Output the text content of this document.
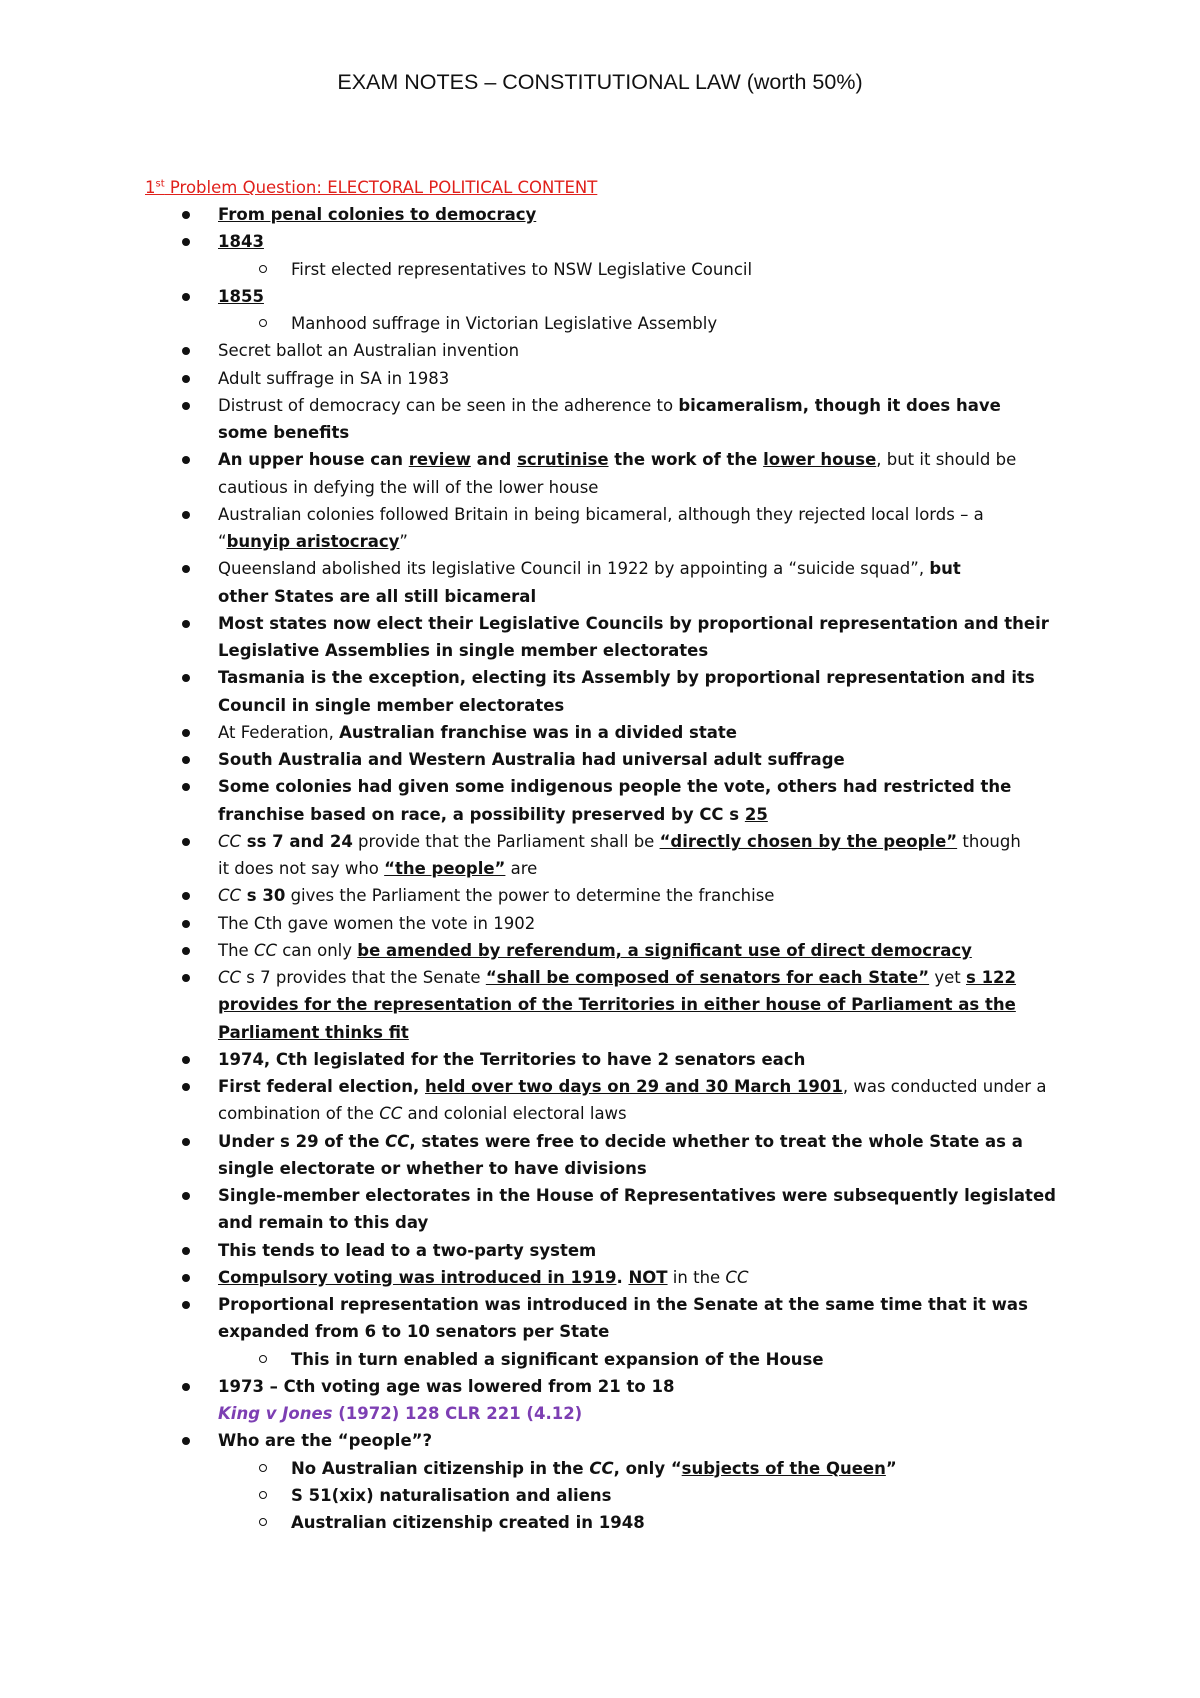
EXAM NOTES – CONSTITUTIONAL LAW (worth 50%)
1st Problem Question: ELECTORAL POLITICAL CONTENT
From penal colonies to democracy
1843
First elected representatives to NSW Legislative Council
1855
Manhood suffrage in Victorian Legislative Assembly
Secret ballot an Australian invention
Adult suffrage in SA in 1983
Distrust of democracy can be seen in the adherence to bicameralism, though it does have
some benefits
An upper house can review and scrutinise the work of the lower house, but it should be
cautious in defying the will of the lower house
Australian colonies followed Britain in being bicameral, although they rejected local lords – a
“bunyip aristocracy”
Queensland abolished its legislative Council in 1922 by appointing a “suicide squad”, but
other States are all still bicameral
Most states now elect their Legislative Councils by proportional representation and their
Legislative Assemblies in single member electorates
Tasmania is the exception, electing its Assembly by proportional representation and its
Council in single member electorates
At Federation, Australian franchise was in a divided state
South Australia and Western Australia had universal adult suffrage
Some colonies had given some indigenous people the vote, others had restricted the
franchise based on race, a possibility preserved by CC s 25
CC ss 7 and 24 provide that the Parliament shall be “directly chosen by the people” though
it does not say who “the people” are
CC s 30 gives the Parliament the power to determine the franchise
The Cth gave women the vote in 1902
The CC can only be amended by referendum, a significant use of direct democracy
CC s 7 provides that the Senate “shall be composed of senators for each State” yet s 122
provides for the representation of the Territories in either house of Parliament as the
Parliament thinks fit
1974, Cth legislated for the Territories to have 2 senators each
First federal election, held over two days on 29 and 30 March 1901, was conducted under a
combination of the CC and colonial electoral laws
Under s 29 of the CC, states were free to decide whether to treat the whole State as a
single electorate or whether to have divisions
Single-member electorates in the House of Representatives were subsequently legislated
and remain to this day
This tends to lead to a two-party system
Compulsory voting was introduced in 1919. NOT in the CC
Proportional representation was introduced in the Senate at the same time that it was
expanded from 6 to 10 senators per State
This in turn enabled a significant expansion of the House
1973 – Cth voting age was lowered from 21 to 18
King v Jones (1972) 128 CLR 221 (4.12)
Who are the “people”?
No Australian citizenship in the CC, only “subjects of the Queen”
S 51(xix) naturalisation and aliens
Australian citizenship created in 1948
